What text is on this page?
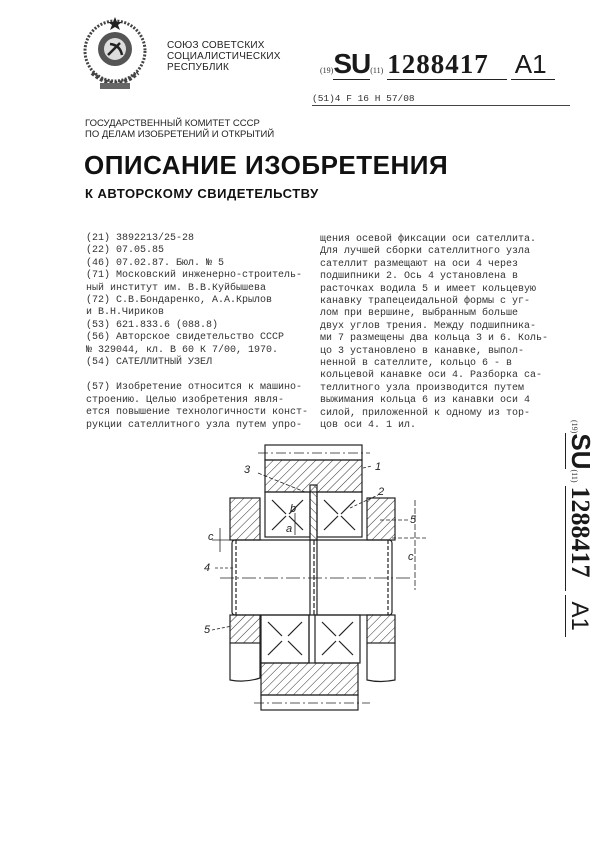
СОЮЗ СОВЕТСКИХ
СОЦИАЛИСТИЧЕСКИХ
РЕСПУБЛИК	(19)SU(11) 1288417 A1
(51)4 F 16 H 57/08
ГОСУДАРСТВЕННЫЙ КОМИТЕТ СССР
ПО ДЕЛАМ ИЗОБРЕТЕНИЙ И ОТКРЫТИЙ
ОПИСАНИЕ ИЗОБРЕТЕНИЯ
К АВТОРСКОМУ СВИДЕТЕЛЬСТВУ
(21) 3892213/25-28
(22) 07.05.85
(46) 07.02.87. Бюл. № 5
(71) Московский инженерно-строитель-
ный институт им. В.В.Куйбышева
(72) С.В.Бондаренко, А.А.Крылов
и В.Н.Чириков
(53) 621.833.6 (088.8)
(56) Авторское свидетельство СССР
№ 329044, кл. В 60 К 7/00, 1970.
(54) САТЕЛЛИТНЫЙ УЗЕЛ
(57) Изобретение относится к машино-
строению. Целью изобретения явля-
ется повышение технологичности конст-
рукции сателлитного узла путем упро-
щения осевой фиксации оси сателлита.
Для лучшей сборки сателлитного узла
сателлит размещают на оси 4 через
подшипники 2. Ось 4 установлена в
расточках водила 5 и имеет кольцевую
канавку трапецеидальной формы с уг-
лом при вершине, выбранным больше
двух углов трения. Между подшипника-
ми 7 размещены два кольца 3 и 6. Коль-
цо 3 установлено в канавке, выпол-
ненной в сателлите, кольцо 6 - в
кольцевой канавке оси 4. Разборка са-
теллитного узла производится путем
выжимания кольца 6 из канавки оси 4
силой, приложенной к одному из тор-
цов оси 4. 1 ил.
3	1
2
5
5
4
c
c
b
a
(19)SU(11) 1288417 A1
